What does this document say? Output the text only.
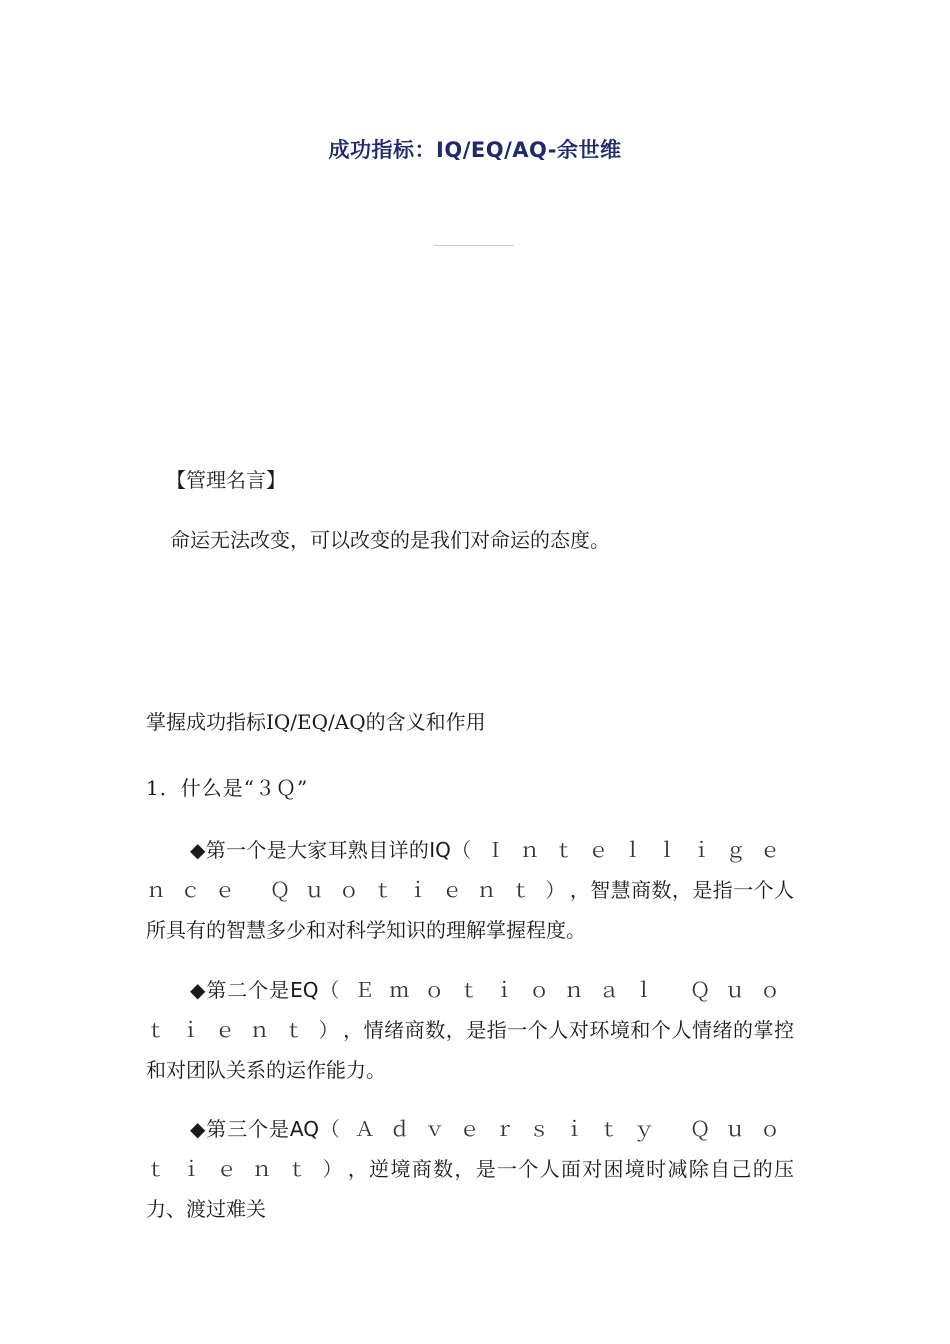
成功指标：IQ/EQ/AQ-余世维
【管理名言】
命运无法改变，可以改变的是我们对命运的态度。
掌握成功指标IQ/EQ/AQ的含义和作用
1．什么是“３Ｑ”
◆第一个是大家耳熟目详的IQ（Ｉｎｔｅｌｌｉｇｅｎｃｅ Ｑｕｏｔｉｅｎｔ），智慧商数，是指一个人所具有的智慧多少和对科学知识的理解掌握程度。
◆第二个是EQ（Ｅｍｏｔｉｏｎａｌ Ｑｕｏｔｉｅｎｔ），情绪商数，是指一个人对环境和个人情绪的掌控和对团队关系的运作能力。
◆第三个是AQ（Ａｄｖｅｒｓｉｔｙ Ｑｕｏｔｉｅｎｔ），逆境商数，是一个人面对困境时减除自己的压力、渡过难关
